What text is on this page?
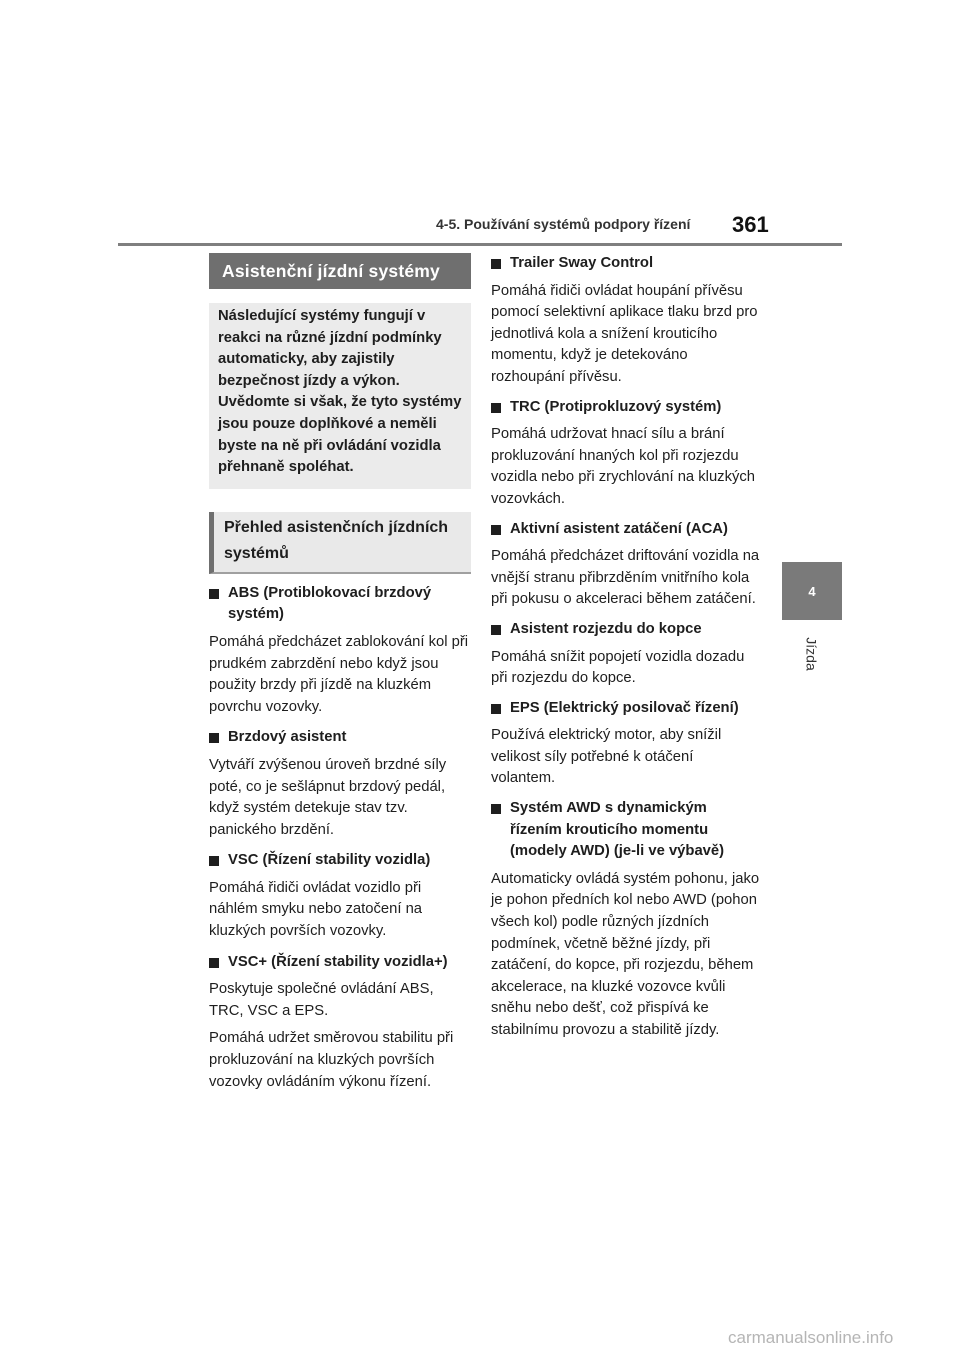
4-5. Používání systémů podpory řízení 361
4
Jízda
Asistenční jízdní systémy
Následující systémy fungují v reakci na různé jízdní podmínky automaticky, aby zajistily bezpečnost jízdy a výkon. Uvědomte si však, že tyto systémy jsou pouze doplňkové a neměli byste na ně při ovládání vozidla přehnaně spoléhat.
Přehled asistenčních jízdních systémů
ABS (Protiblokovací brzdový systém)
Pomáhá předcházet zablokování kol při prudkém zabrzdění nebo když jsou použity brzdy při jízdě na kluzkém povrchu vozovky.
Brzdový asistent
Vytváří zvýšenou úroveň brzdné síly poté, co je sešlápnut brzdový pedál, když systém detekuje stav tzv. panického brzdění.
VSC (Řízení stability vozidla)
Pomáhá řidiči ovládat vozidlo při náhlém smyku nebo zatočení na kluzkých površích vozovky.
VSC+ (Řízení stability vozidla+)
Poskytuje společné ovládání ABS, TRC, VSC a EPS.
Pomáhá udržet směrovou stabilitu při prokluzování na kluzkých površích vozovky ovládáním výkonu řízení.
Trailer Sway Control
Pomáhá řidiči ovládat houpání přívěsu pomocí selektivní aplikace tlaku brzd pro jednotlivá kola a snížení krouticího momentu, když je detekováno rozhoupání přívěsu.
TRC (Protiprokluzový systém)
Pomáhá udržovat hnací sílu a brání prokluzování hnaných kol při rozjezdu vozidla nebo při zrychlování na kluzkých vozovkách.
Aktivní asistent zatáčení (ACA)
Pomáhá předcházet driftování vozidla na vnější stranu přibrzděním vnitřního kola při pokusu o akceleraci během zatáčení.
Asistent rozjezdu do kopce
Pomáhá snížit popojetí vozidla dozadu při rozjezdu do kopce.
EPS (Elektrický posilovač řízení)
Používá elektrický motor, aby snížil velikost síly potřebné k otáčení volantem.
Systém AWD s dynamickým řízením krouticího momentu (modely AWD) (je-li ve výbavě)
Automaticky ovládá systém pohonu, jako je pohon předních kol nebo AWD (pohon všech kol) podle různých jízdních podmínek, včetně běžné jízdy, při zatáčení, do kopce, při rozjezdu, během akcelerace, na kluzké vozovce kvůli sněhu nebo dešť, což přispívá ke stabilnímu provozu a stabilitě jízdy.
carmanualsonline.info
